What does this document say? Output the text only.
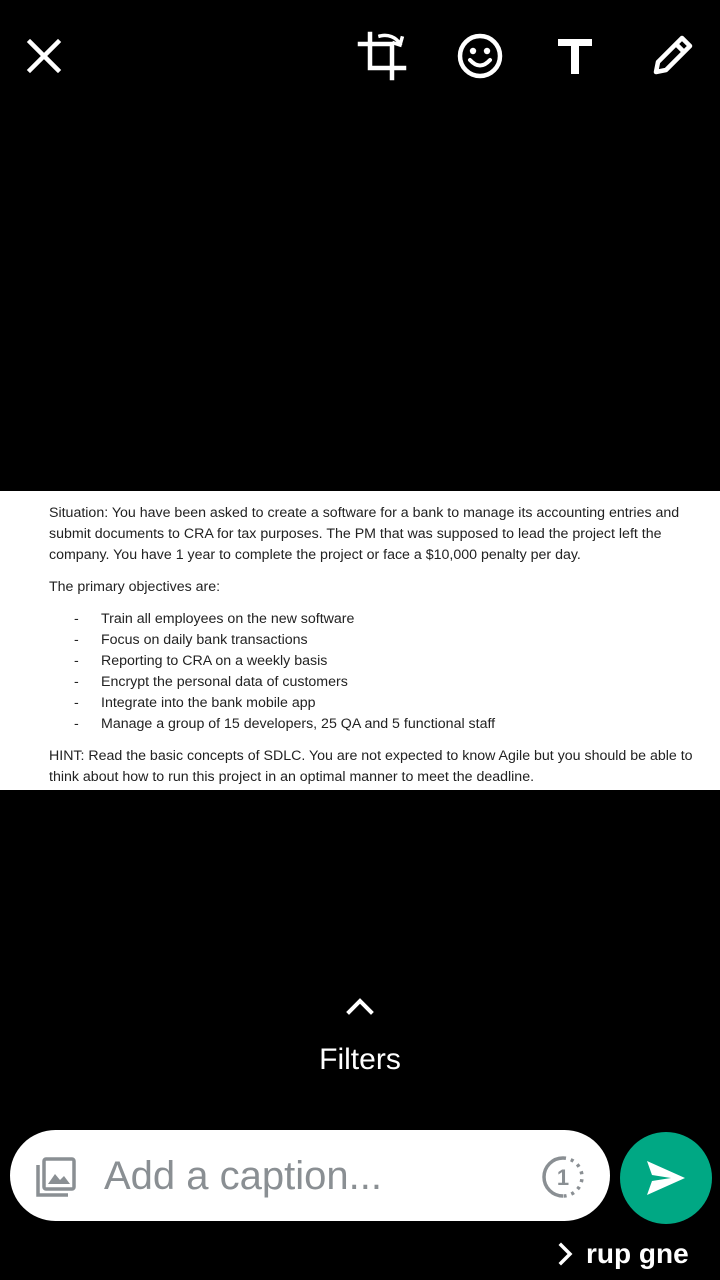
Situation: You have been asked to create a software for a bank to manage its accounting entries and submit documents to CRA for tax purposes. The PM that was supposed to lead the project left the company. You have 1 year to complete the project or face a $10,000 penalty per day.

The primary objectives are:

- Train all employees on the new software
- Focus on daily bank transactions
- Reporting to CRA on a weekly basis
- Encrypt the personal data of customers
- Integrate into the bank mobile app
- Manage a group of 15 developers, 25 QA and 5 functional staff

HINT: Read the basic concepts of SDLC. You are not expected to know Agile but you should be able to think about how to run this project in an optimal manner to meet the deadline.

Filters
Add a caption...
1
rup gne
